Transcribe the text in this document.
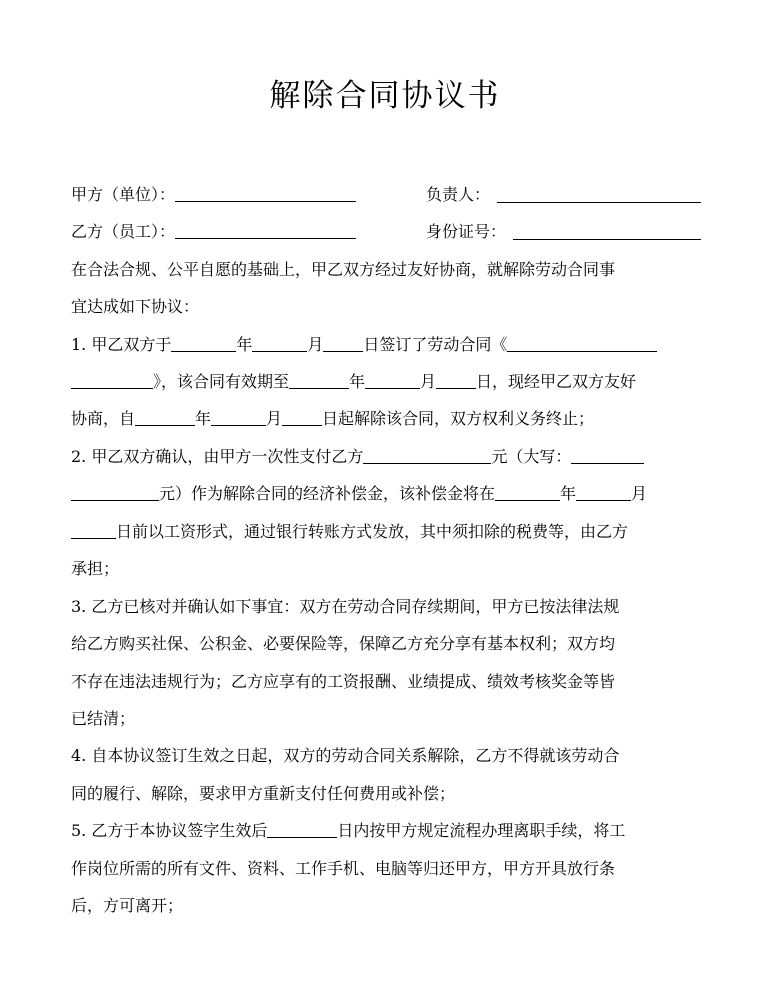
解除合同协议书
甲方（单位）：	负责人：
乙方（员工）：	身份证号：
在合法合规、公平自愿的基础上，甲乙双方经过友好协商，就解除劳动合同事
宜达成如下协议：
1. 甲乙双方于	年	月	日签订了劳动合同《
》，该合同有效期至	年	月	日，现经甲乙双方友好
协商，自	年	月	日起解除该合同，双方权利义务终止；
2. 甲乙双方确认，由甲方一次性支付乙方	元（大写：
元）作为解除合同的经济补偿金，该补偿金将在	年	月
日前以工资形式，通过银行转账方式发放，其中须扣除的税费等，由乙方
承担；
3. 乙方已核对并确认如下事宜：双方在劳动合同存续期间，甲方已按法律法规
给乙方购买社保、公积金、必要保险等，保障乙方充分享有基本权利；双方均
不存在违法违规行为；乙方应享有的工资报酬、业绩提成、绩效考核奖金等皆
已结清；
4. 自本协议签订生效之日起，双方的劳动合同关系解除，乙方不得就该劳动合
同的履行、解除，要求甲方重新支付任何费用或补偿；
5. 乙方于本协议签字生效后	日内按甲方规定流程办理离职手续，将工
作岗位所需的所有文件、资料、工作手机、电脑等归还甲方，甲方开具放行条
后，方可离开；
